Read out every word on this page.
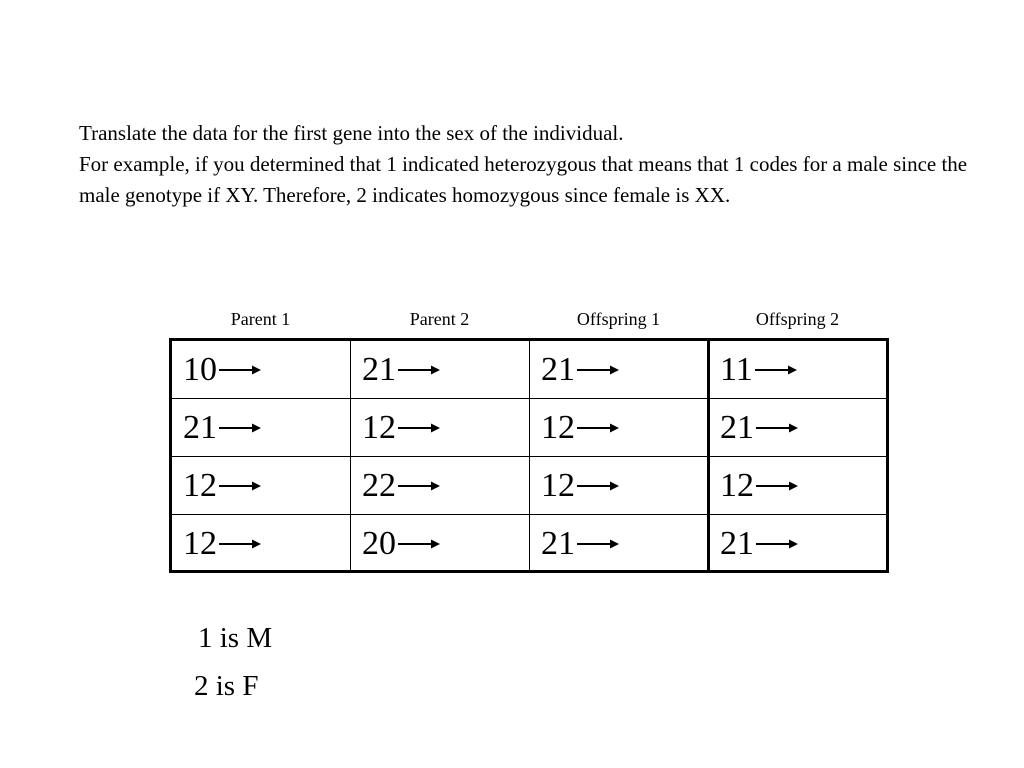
Translate the data for the first gene into the sex of the individual.

For example, if you determined that 1 indicated heterozygous that means that 1 codes for a male since the male genotype if XY. Therefore, 2 indicates homozygous since female is XX.

Parent 1	Parent 2	Offspring 1	Offspring 2
10	21	21	11
21	12	12	21
12	22	12	12
12	20	21	21
1 is M
2 is F
